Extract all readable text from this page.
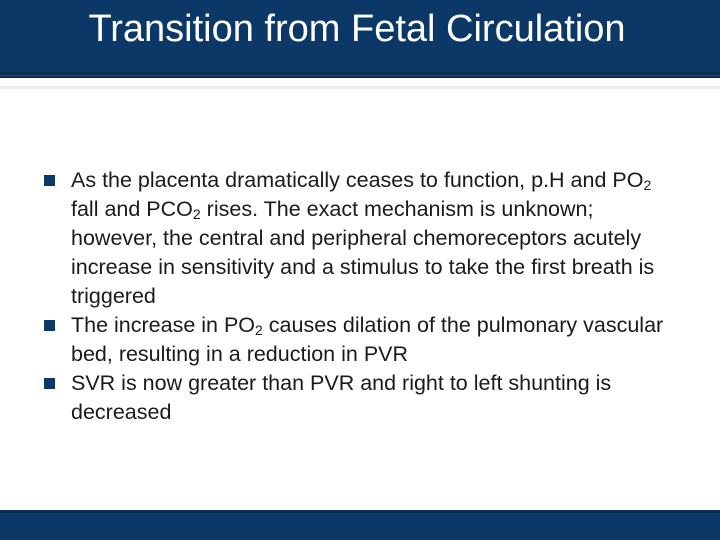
Transition from Fetal Circulation
As the placenta dramatically ceases to function, p.H and $PO_2$ fall and $PCO_2$ rises. The exact mechanism is unknown; however, the central and peripheral chemoreceptors acutely increase in sensitivity and a stimulus to take the first breath is triggered
The increase in $PO_2$ causes dilation of the pulmonary vascular bed, resulting in a reduction in PVR
SVR is now greater than PVR and right to left shunting is decreased
